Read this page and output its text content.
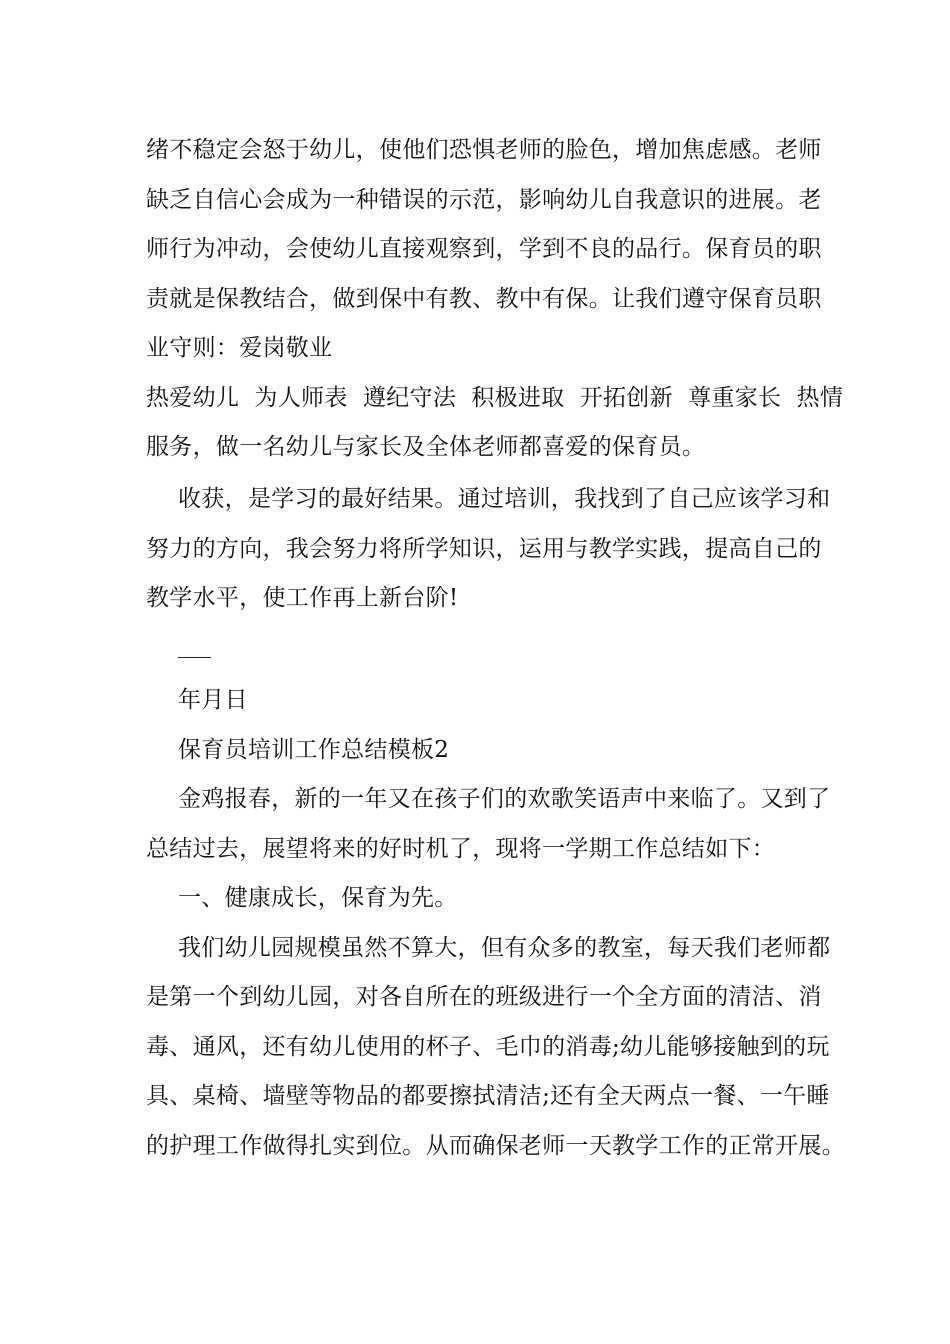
绪不稳定会怒于幼儿，使他们恐惧老师的脸色，增加焦虑感。老师
缺乏自信心会成为一种错误的示范，影响幼儿自我意识的进展。老
师行为冲动，会使幼儿直接观察到，学到不良的品行。保育员的职
责就是保教结合，做到保中有教、教中有保。让我们遵守保育员职
业守则：爱岗敬业
热爱幼儿  为人师表  遵纪守法  积极进取  开拓创新  尊重家长  热情
服务，做一名幼儿与家长及全体老师都喜爱的保育员。
收获，是学习的最好结果。通过培训，我找到了自己应该学习和
努力的方向，我会努力将所学知识，运用与教学实践，提高自己的
教学水平，使工作再上新台阶!
年月日
保育员培训工作总结模板2
金鸡报春，新的一年又在孩子们的欢歌笑语声中来临了。又到了
总结过去，展望将来的好时机了，现将一学期工作总结如下：
一、健康成长，保育为先。
我们幼儿园规模虽然不算大，但有众多的教室，每天我们老师都
是第一个到幼儿园，对各自所在的班级进行一个全方面的清洁、消
毒、通风，还有幼儿使用的杯子、毛巾的消毒;幼儿能够接触到的玩
具、桌椅、墙壁等物品的都要擦拭清洁;还有全天两点一餐、一午睡
的护理工作做得扎实到位。从而确保老师一天教学工作的正常开展。
